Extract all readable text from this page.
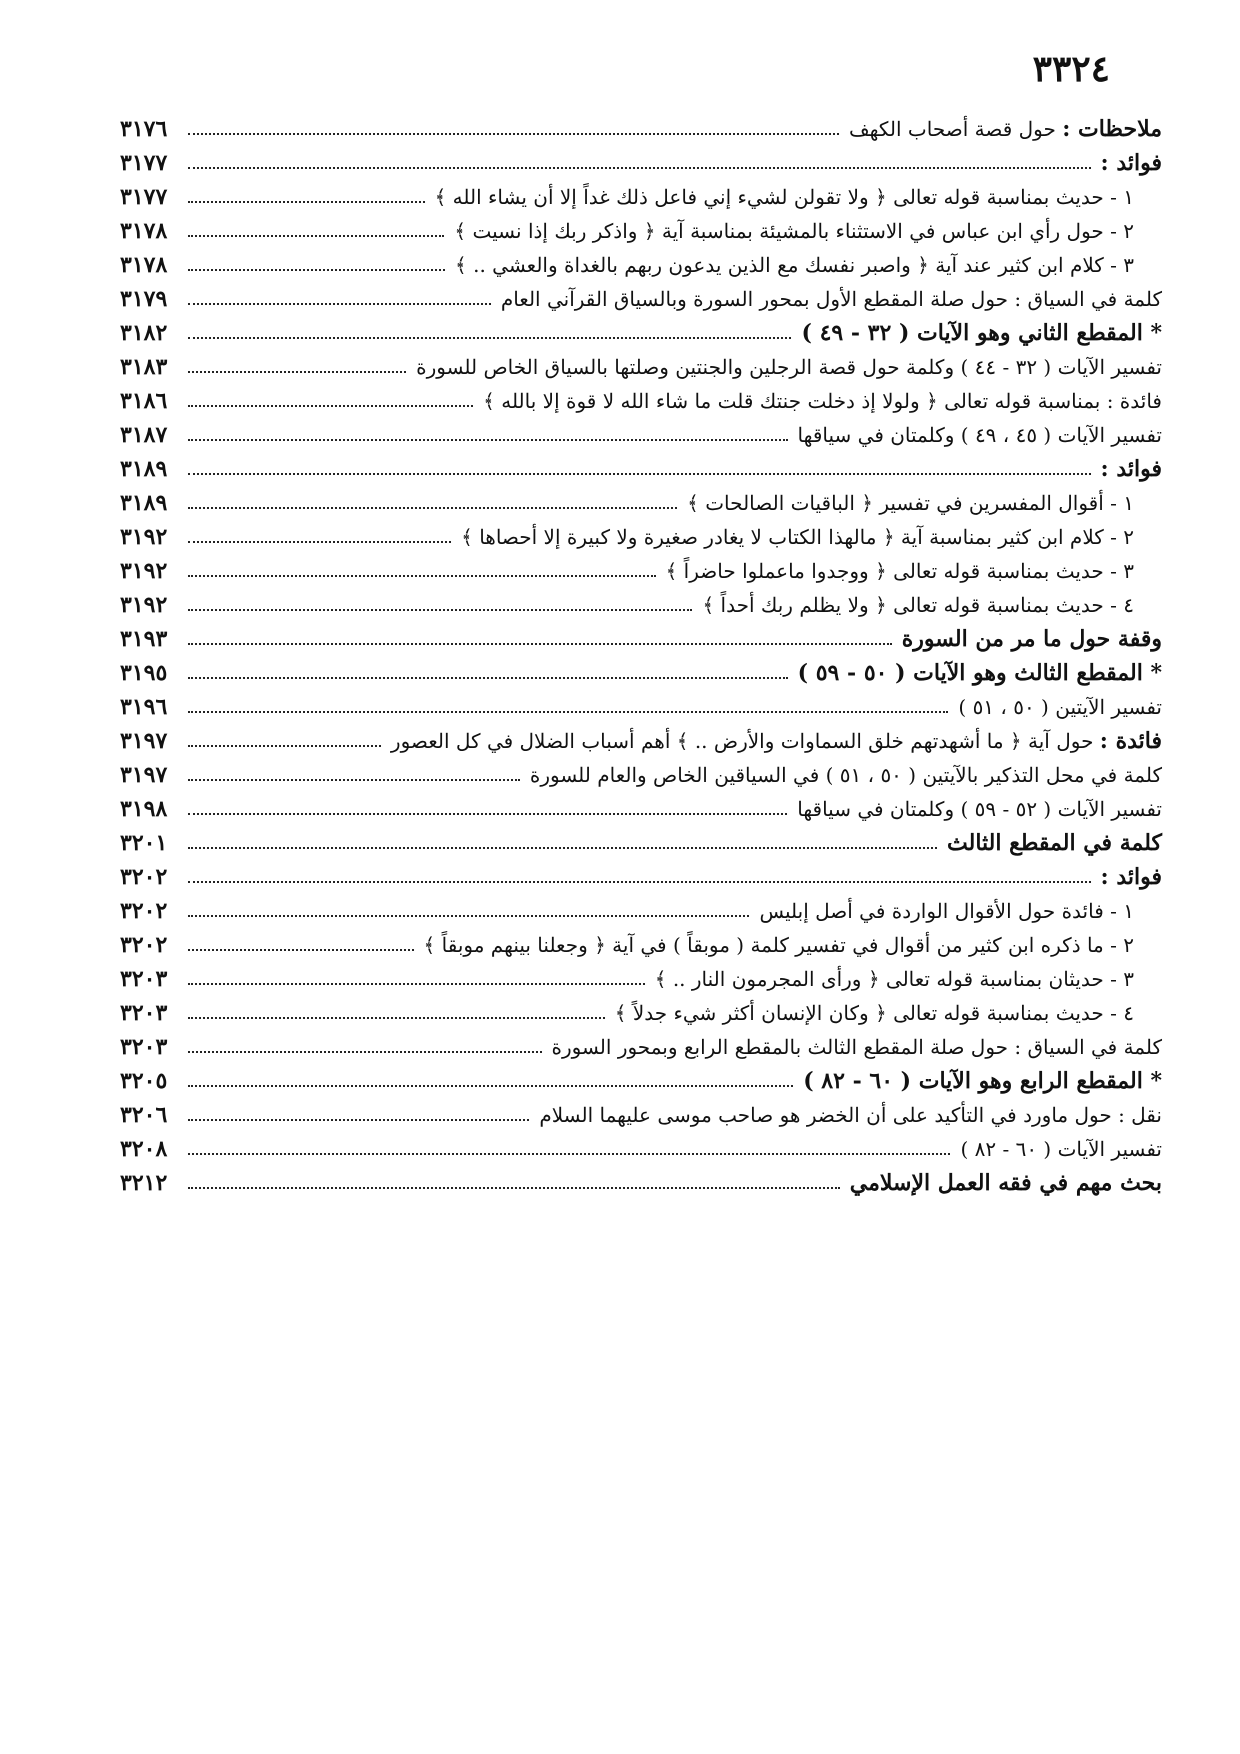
٣٣٢٤
ملاحظات : حول قصة أصحاب الكهف
٣١٧٦
فوائد :
٣١٧٧
١ - حديث بمناسبة قوله تعالى ﴿ ولا تقولن لشيء إني فاعل ذلك غداً إلا أن يشاء الله ﴾
٣١٧٧
٢ - حول رأي ابن عباس في الاستثناء بالمشيئة بمناسبة آية ﴿ واذكر ربك إذا نسيت ﴾
٣١٧٨
٣ - كلام ابن كثير عند آية ﴿ واصبر نفسك مع الذين يدعون ربهم بالغداة والعشي .. ﴾
٣١٧٨
كلمة في السياق : حول صلة المقطع الأول بمحور السورة وبالسياق القرآني العام
٣١٧٩
* المقطع الثاني وهو الآيات ( ٣٢ - ٤٩ )
٣١٨٢
تفسير الآيات ( ٣٢ - ٤٤ ) وكلمة حول قصة الرجلين والجنتين وصلتها بالسياق الخاص للسورة
٣١٨٣
فائدة : بمناسبة قوله تعالى ﴿ ولولا إذ دخلت جنتك قلت ما شاء الله لا قوة إلا بالله ﴾
٣١٨٦
تفسير الآيات ( ٤٥ ، ٤٩ ) وكلمتان في سياقها
٣١٨٧
فوائد :
٣١٨٩
١ - أقوال المفسرين في تفسير ﴿ الباقيات الصالحات ﴾
٣١٨٩
٢ - كلام ابن كثير بمناسبة آية ﴿ مالهذا الكتاب لا يغادر صغيرة ولا كبيرة إلا أحصاها ﴾
٣١٩٢
٣ - حديث بمناسبة قوله تعالى ﴿ ووجدوا ماعملوا حاضراً ﴾
٣١٩٢
٤ - حديث بمناسبة قوله تعالى ﴿ ولا يظلم ربك أحداً ﴾
٣١٩٢
وقفة حول ما مر من السورة
٣١٩٣
* المقطع الثالث وهو الآيات ( ٥٠ - ٥٩ )
٣١٩٥
تفسير الآيتين ( ٥٠ ، ٥١ )
٣١٩٦
فائدة : حول آية ﴿ ما أشهدتهم خلق السماوات والأرض .. ﴾ أهم أسباب الضلال في كل العصور
٣١٩٧
كلمة في محل التذكير بالآيتين ( ٥٠ ، ٥١ ) في السياقين الخاص والعام للسورة
٣١٩٧
تفسير الآيات ( ٥٢ - ٥٩ ) وكلمتان في سياقها
٣١٩٨
كلمة في المقطع الثالث
٣٢٠١
فوائد :
٣٢٠٢
١ - فائدة حول الأقوال الواردة في أصل إبليس
٣٢٠٢
٢ - ما ذكره ابن كثير من أقوال في تفسير كلمة ( موبقاً ) في آية ﴿ وجعلنا بينهم موبقاً ﴾
٣٢٠٢
٣ - حديثان بمناسبة قوله تعالى ﴿ ورأى المجرمون النار .. ﴾
٣٢٠٣
٤ - حديث بمناسبة قوله تعالى ﴿ وكان الإنسان أكثر شيء جدلاً ﴾
٣٢٠٣
كلمة في السياق : حول صلة المقطع الثالث بالمقطع الرابع وبمحور السورة
٣٢٠٣
* المقطع الرابع وهو الآيات ( ٦٠ - ٨٢ )
٣٢٠٥
نقل : حول ماورد في التأكيد على أن الخضر هو صاحب موسى عليهما السلام
٣٢٠٦
تفسير الآيات ( ٦٠ - ٨٢ )
٣٢٠٨
بحث مهم في فقه العمل الإسلامي
٣٢١٢
